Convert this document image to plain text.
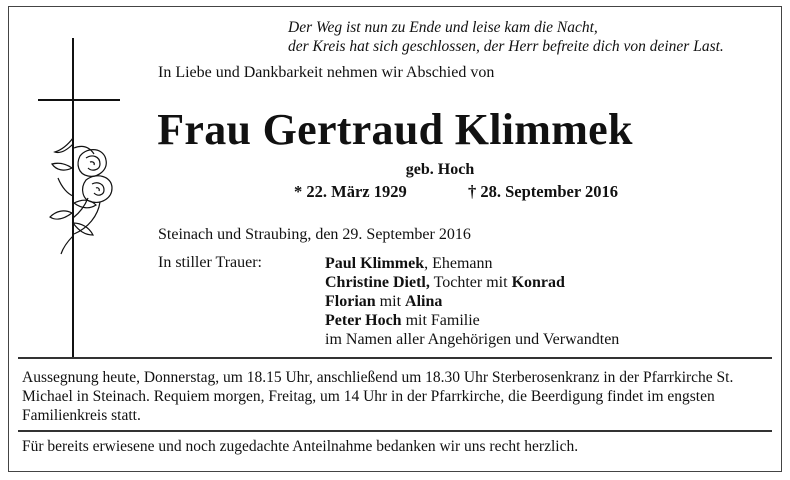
Der Weg ist nun zu Ende und leise kam die Nacht,
der Kreis hat sich geschlossen, der Herr befreite dich von deiner Last.
In Liebe und Dankbarkeit nehmen wir Abschied von
Frau Gertraud Klimmek
geb. Hoch
* 22. März 1929	† 28. September 2016
Steinach und Straubing, den 29. September 2016
In stiller Trauer:	Paul Klimmek, Ehemann
Christine Dietl, Tochter mit Konrad
Florian mit Alina
Peter Hoch mit Familie
im Namen aller Angehörigen und Verwandten
Aussegnung heute, Donnerstag, um 18.15 Uhr, anschließend um 18.30 Uhr Sterberosenkranz in der Pfarrkirche St. Michael in Steinach. Requiem morgen, Freitag, um 14 Uhr in der Pfarrkirche, die Beerdigung findet im engsten Familienkreis statt.
Für bereits erwiesene und noch zugedachte Anteilnahme bedanken wir uns recht herzlich.
